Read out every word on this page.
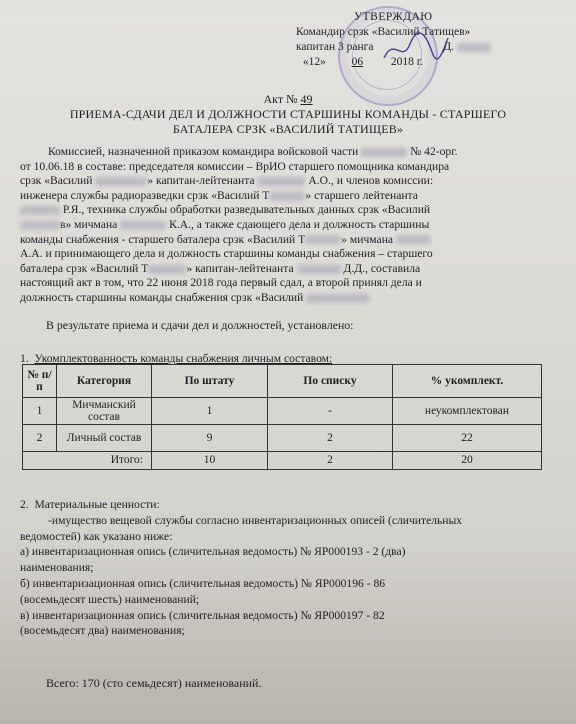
УТВЕРЖДАЮ
Командир срзк «Василий Татищев»
капитан 3 ранга	Д.
«12» 06 2018 г.
Акт № 49
ПРИЕМА-СДАЧИ ДЕЛ И ДОЛЖНОСТИ СТАРШИНЫ КОМАНДЫ - СТАРШЕГО
БАТАЛЕРА СРЗК «ВАСИЛИЙ ТАТИЩЕВ»
Комиссией, назначенной приказом командира войсковой части	№ 42-орг.
от 10.06.18 в составе: председателя комиссии – ВрИО старшего помощника командира
срзк «Василий	» капитан-лейтенанта	А.О., и членов комиссии:
инженера службы радиоразведки срзк «Василий Т	» старшего лейтенанта
Р.Я., техника службы обработки разведывательных данных срзк «Василий
в» мичмана	К.А., а также сдающего дела и должность старшины
команды снабжения - старшего баталера срзк «Василий Т	» мичмана
А.А. и принимающего дела и должность старшины команды снабжения – старшего
баталера срзк «Василий Т	» капитан-лейтенанта	Д.Д., составила
настоящий акт в том, что 22 июня 2018 года первый сдал, а второй принял дела и
должность старшины команды снабжения срзк «Василий
В результате приема и сдачи дел и должностей, установлено:
1. Укомплектованность команды снабжения личным составом:
№ п/п	Категория	По штату	По списку	% укомплект.
1	Мичманский состав	1	-	неукомплектован
2	Личный состав	9	2	22
Итого:		10	2	20
2. Материальные ценности:
-имущество вещевой службы согласно инвентаризационных описей (сличительных
ведомостей) как указано ниже:
а) инвентаризационная опись (сличительная ведомость) № ЯР000193 - 2 (два)
наименования;
б) инвентаризационная опись (сличительная ведомость) № ЯР000196 - 86
(восемьдесят шесть) наименований;
в) инвентаризационная опись (сличительная ведомость) № ЯР000197 - 82
(восемьдесят два) наименования;
Всего: 170 (сто семьдесят) наименований.
